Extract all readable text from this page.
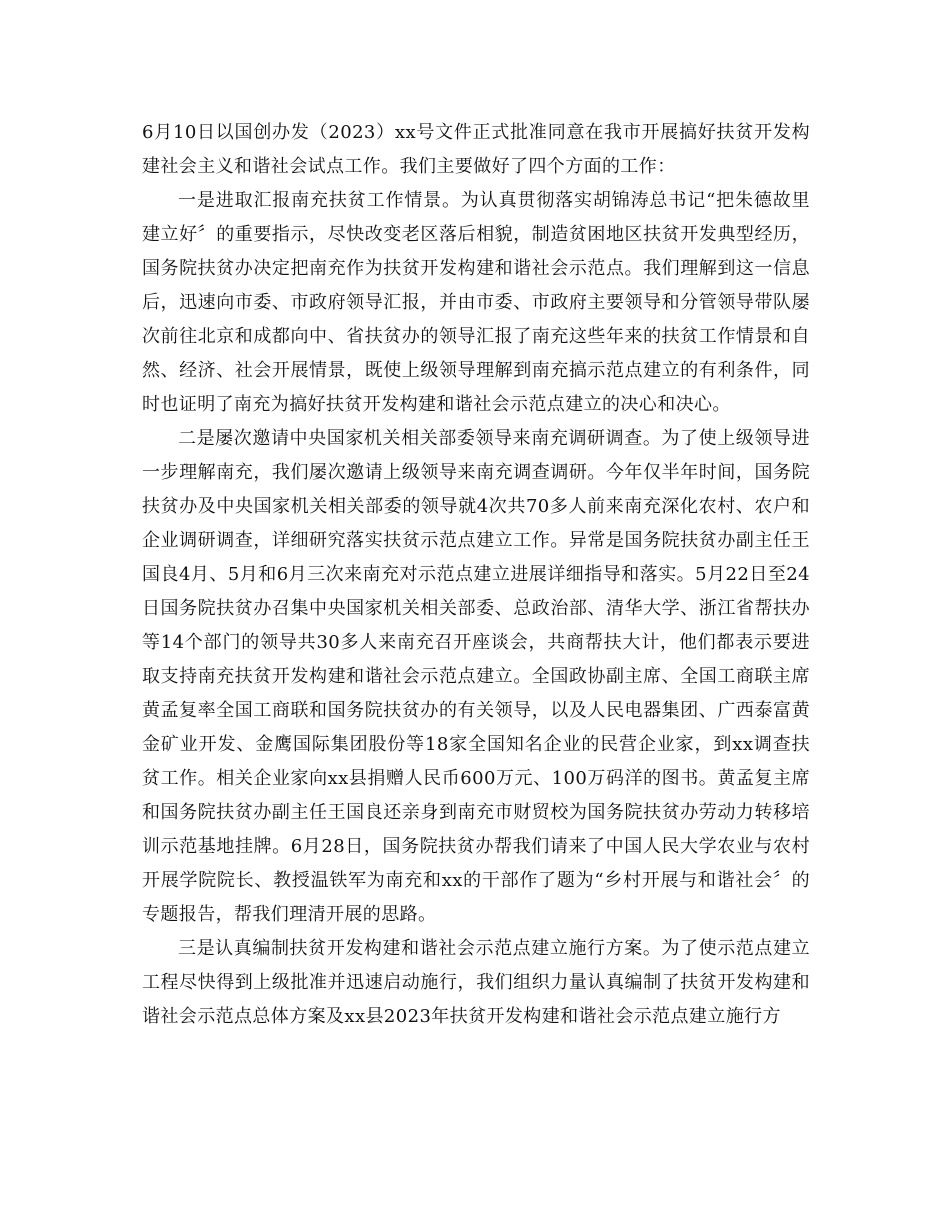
6月10日以国创办发（2023）xx号文件正式批准同意在我市开展搞好扶贫开发构建社会主义和谐社会试点工作。我们主要做好了四个方面的工作：

一是进取汇报南充扶贫工作情景。为认真贯彻落实胡锦涛总书记“把朱德故里建立好〞的重要指示，尽快改变老区落后相貌，制造贫困地区扶贫开发典型经历，国务院扶贫办决定把南充作为扶贫开发构建和谐社会示范点。我们理解到这一信息后，迅速向市委、市政府领导汇报，并由市委、市政府主要领导和分管领导带队屡次前往北京和成都向中、省扶贫办的领导汇报了南充这些年来的扶贫工作情景和自然、经济、社会开展情景，既使上级领导理解到南充搞示范点建立的有利条件，同时也证明了南充为搞好扶贫开发构建和谐社会示范点建立的决心和决心。

二是屡次邀请中央国家机关相关部委领导来南充调研调查。为了使上级领导进一步理解南充，我们屡次邀请上级领导来南充调查调研。今年仅半年时间，国务院扶贫办及中央国家机关相关部委的领导就4次共70多人前来南充深化农村、农户和企业调研调查，详细研究落实扶贫示范点建立工作。异常是国务院扶贫办副主任王国良4月、5月和6月三次来南充对示范点建立进展详细指导和落实。5月22日至24日国务院扶贫办召集中央国家机关相关部委、总政治部、清华大学、浙江省帮扶办等14个部门的领导共30多人来南充召开座谈会，共商帮扶大计，他们都表示要进取支持南充扶贫开发构建和谐社会示范点建立。全国政协副主席、全国工商联主席黄孟复率全国工商联和国务院扶贫办的有关领导，以及人民电器集团、广西泰富黄金矿业开发、金鹰国际集团股份等18家全国知名企业的民营企业家，到xx调查扶贫工作。相关企业家向xx县捐赠人民币600万元、100万码洋的图书。黄孟复主席和国务院扶贫办副主任王国良还亲身到南充市财贸校为国务院扶贫办劳动力转移培训示范基地挂牌。6月28日，国务院扶贫办帮我们请来了中国人民大学农业与农村开展学院院长、教授温铁军为南充和xx的干部作了题为“乡村开展与和谐社会〞的专题报告，帮我们理清开展的思路。

三是认真编制扶贫开发构建和谐社会示范点建立施行方案。为了使示范点建立工程尽快得到上级批准并迅速启动施行，我们组织力量认真编制了扶贫开发构建和谐社会示范点总体方案及xx县2023年扶贫开发构建和谐社会示范点建立施行方
